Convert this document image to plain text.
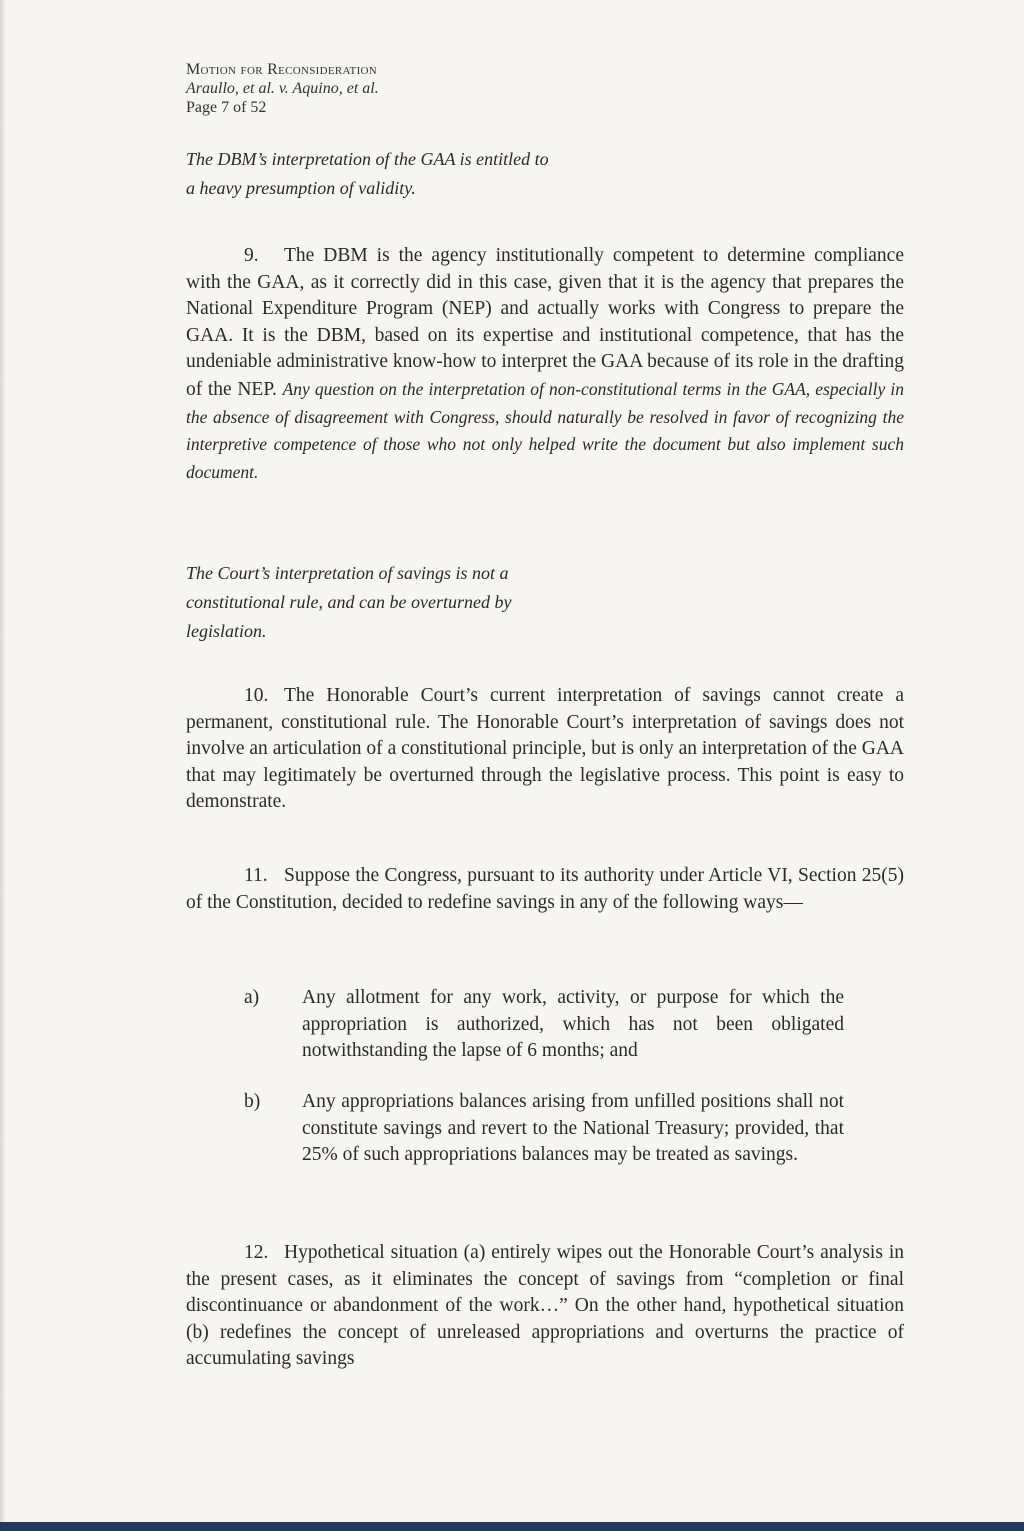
Motion for Reconsideration
Araullo, et al. v. Aquino, et al.
Page 7 of 52
The DBM’s interpretation of the GAA is entitled to a heavy presumption of validity.
9. The DBM is the agency institutionally competent to determine compliance with the GAA, as it correctly did in this case, given that it is the agency that prepares the National Expenditure Program (NEP) and actually works with Congress to prepare the GAA. It is the DBM, based on its expertise and institutional competence, that has the undeniable administrative know-how to interpret the GAA because of its role in the drafting of the NEP. Any question on the interpretation of non-constitutional terms in the GAA, especially in the absence of disagreement with Congress, should naturally be resolved in favor of recognizing the interpretive competence of those who not only helped write the document but also implement such document.
The Court’s interpretation of savings is not a constitutional rule, and can be overturned by legislation.
10. The Honorable Court’s current interpretation of savings cannot create a permanent, constitutional rule. The Honorable Court’s interpretation of savings does not involve an articulation of a constitutional principle, but is only an interpretation of the GAA that may legitimately be overturned through the legislative process. This point is easy to demonstrate.
11. Suppose the Congress, pursuant to its authority under Article VI, Section 25(5) of the Constitution, decided to redefine savings in any of the following ways—
a) Any allotment for any work, activity, or purpose for which the appropriation is authorized, which has not been obligated notwithstanding the lapse of 6 months; and
b) Any appropriations balances arising from unfilled positions shall not constitute savings and revert to the National Treasury; provided, that 25% of such appropriations balances may be treated as savings.
12. Hypothetical situation (a) entirely wipes out the Honorable Court’s analysis in the present cases, as it eliminates the concept of savings from “completion or final discontinuance or abandonment of the work…” On the other hand, hypothetical situation (b) redefines the concept of unreleased appropriations and overturns the practice of accumulating savings
